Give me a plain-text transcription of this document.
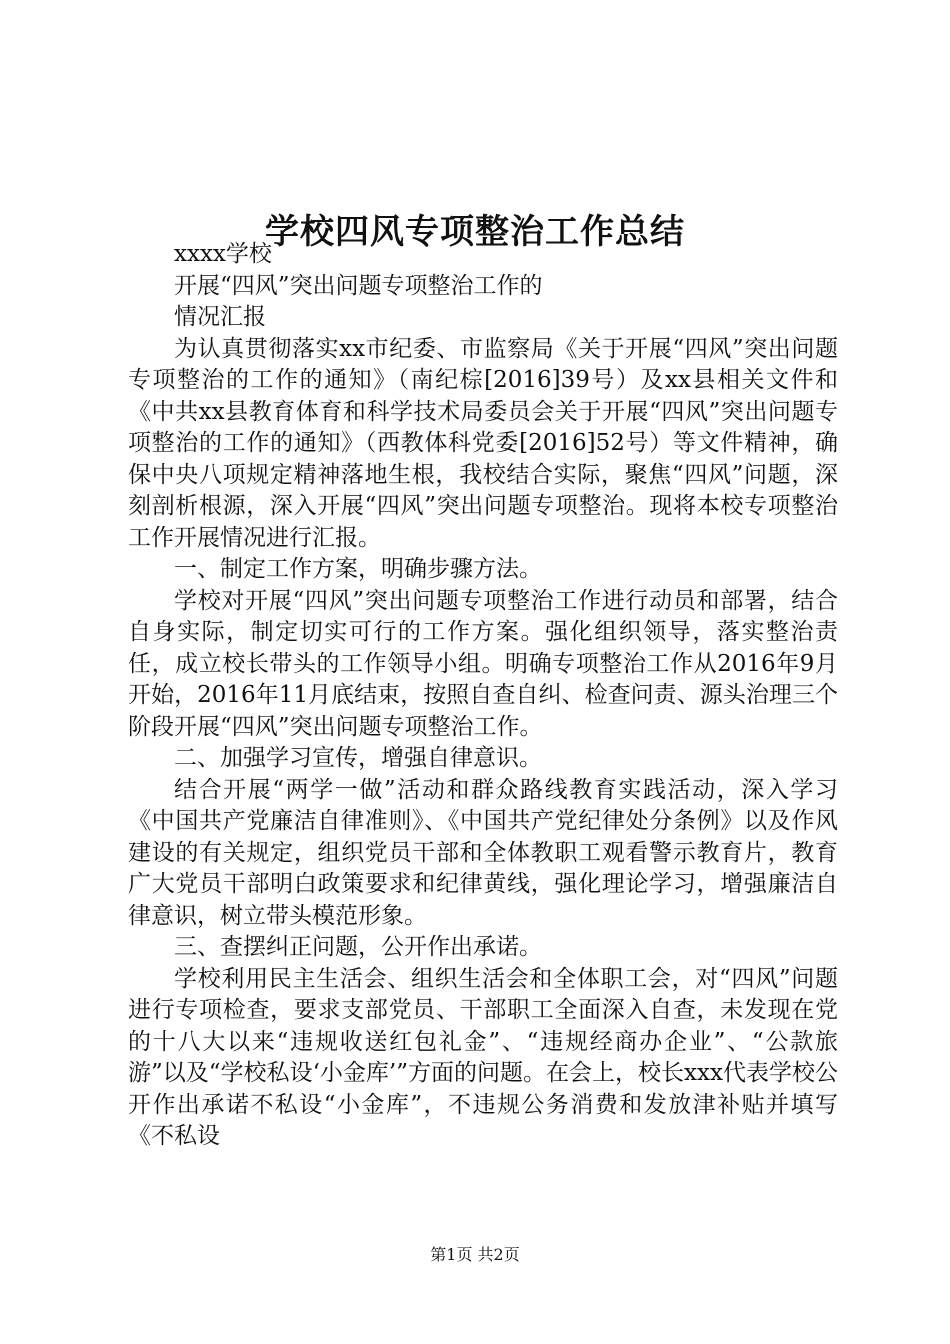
学校四风专项整治工作总结

xxxx学校

开展“四风”突出问题专项整治工作的

情况汇报

为认真贯彻落实xx市纪委、市监察局《关于开展“四风”突出问题专项整治的工作的通知》（南纪棕[2016]39号）及xx县相关文件和《中共xx县教育体育和科学技术局委员会关于开展“四风”突出问题专项整治的工作的通知》（西教体科党委[2016]52号）等文件精神，确保中央八项规定精神落地生根，我校结合实际，聚焦“四风”问题，深刻剖析根源，深入开展“四风”突出问题专项整治。现将本校专项整治工作开展情况进行汇报。

一、制定工作方案，明确步骤方法。

学校对开展“四风”突出问题专项整治工作进行动员和部署，结合自身实际，制定切实可行的工作方案。强化组织领导，落实整治责任，成立校长带头的工作领导小组。明确专项整治工作从2016年9月开始，2016年11月底结束，按照自查自纠、检查问责、源头治理三个阶段开展“四风”突出问题专项整治工作。

二、加强学习宣传，增强自律意识。

结合开展“两学一做”活动和群众路线教育实践活动，深入学习《中国共产党廉洁自律准则》、《中国共产党纪律处分条例》以及作风建设的有关规定，组织党员干部和全体教职工观看警示教育片，教育广大党员干部明白政策要求和纪律黄线，强化理论学习，增强廉洁自律意识，树立带头模范形象。

三、查摆纠正问题，公开作出承诺。

学校利用民主生活会、组织生活会和全体职工会，对“四风”问题进行专项检查，要求支部党员、干部职工全面深入自查，未发现在党的十八大以来“违规收送红包礼金”、“违规经商办企业”、“公款旅游”以及“学校私设‘小金库’”方面的问题。在会上，校长xxx代表学校公开作出承诺不私设“小金库”，不违规公务消费和发放津补贴并填写《不私设

第1页 共2页
